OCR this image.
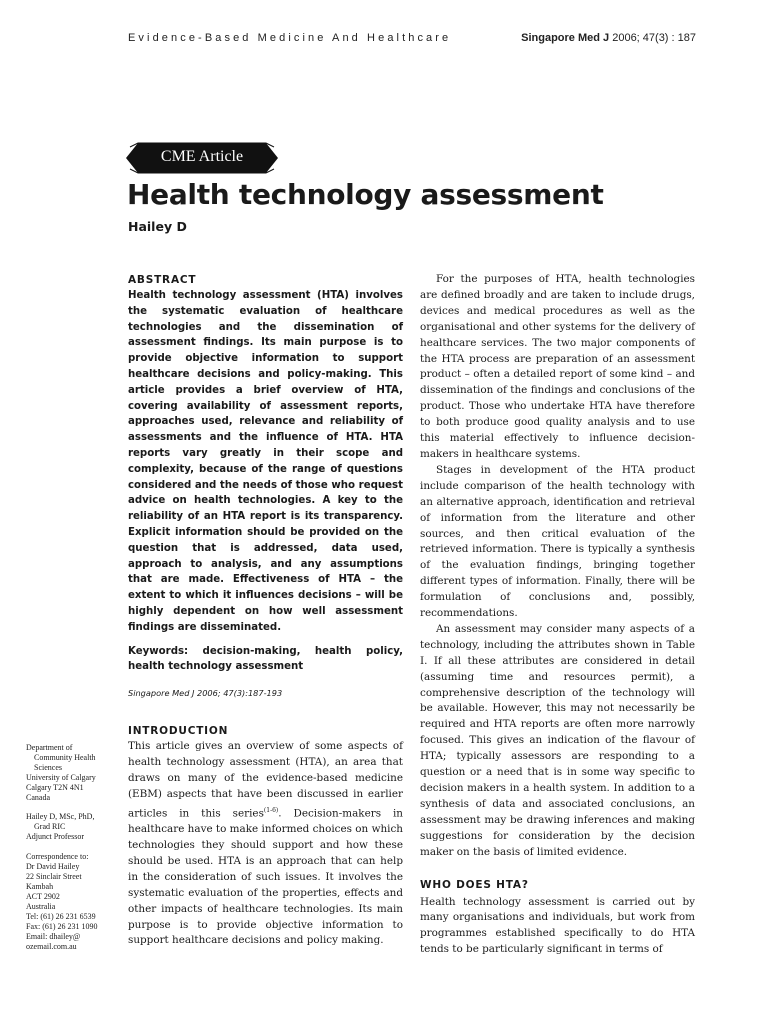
Evidence-Based Medicine And Healthcare	Singapore Med J 2006; 47(3) : 187
CME Article
Health technology assessment
Hailey D
ABSTRACT

Health technology assessment (HTA) involves the systematic evaluation of healthcare technologies and the dissemination of assessment findings. Its main purpose is to provide objective information to support healthcare decisions and policy-making. This article provides a brief overview of HTA, covering availability of assessment reports, approaches used, relevance and reliability of assessments and the influence of HTA. HTA reports vary greatly in their scope and complexity, because of the range of questions considered and the needs of those who request advice on health technologies. A key to the reliability of an HTA report is its transparency. Explicit information should be provided on the question that is addressed, data used, approach to analysis, and any assumptions that are made. Effectiveness of HTA – the extent to which it influences decisions – will be highly dependent on how well assessment findings are disseminated.

Keywords: decision-making, health policy, health technology assessment
Singapore Med J 2006; 47(3):187-193
INTRODUCTION

This article gives an overview of some aspects of health technology assessment (HTA), an area that draws on many of the evidence-based medicine (EBM) aspects that have been discussed in earlier articles in this series$^{(1-6)}$. Decision-makers in healthcare have to make informed choices on which technologies they should support and how these should be used. HTA is an approach that can help in the consideration of such issues. It involves the systematic evaluation of the properties, effects and other impacts of healthcare technologies. Its main purpose is to provide objective information to support healthcare decisions and policy making.

For the purposes of HTA, health technologies are defined broadly and are taken to include drugs, devices and medical procedures as well as the organisational and other systems for the delivery of healthcare services. The two major components of the HTA process are preparation of an assessment product – often a detailed report of some kind – and dissemination of the findings and conclusions of the product. Those who undertake HTA have therefore to both produce good quality analysis and to use this material effectively to influence decision-makers in healthcare systems.

Stages in development of the HTA product include comparison of the health technology with an alternative approach, identification and retrieval of information from the literature and other sources, and then critical evaluation of the retrieved information. There is typically a synthesis of the evaluation findings, bringing together different types of information. Finally, there will be formulation of conclusions and, possibly, recommendations.

An assessment may consider many aspects of a technology, including the attributes shown in Table I. If all these attributes are considered in detail (assuming time and resources permit), a comprehensive description of the technology will be available. However, this may not necessarily be required and HTA reports are often more narrowly focused. This gives an indication of the flavour of HTA; typically assessors are responding to a question or a need that is in some way specific to decision makers in a health system. In addition to a synthesis of data and associated conclusions, an assessment may be drawing inferences and making suggestions for consideration by the decision maker on the basis of limited evidence.

WHO DOES HTA?

Health technology assessment is carried out by many organisations and individuals, but work from programmes established specifically to do HTA tends to be particularly significant in terms of

Department of
Community Health
Sciences
University of Calgary
Calgary T2N 4N1
Canada
Hailey D, MSc, PhD,
Grad RIC
Adjunct Professor
Correspondence to:
Dr David Hailey
22 Sinclair Street
Kambah
ACT 2902
Australia
Tel: (61) 26 231 6539
Fax: (61) 26 231 1090
Email: dhailey@
ozemail.com.au
